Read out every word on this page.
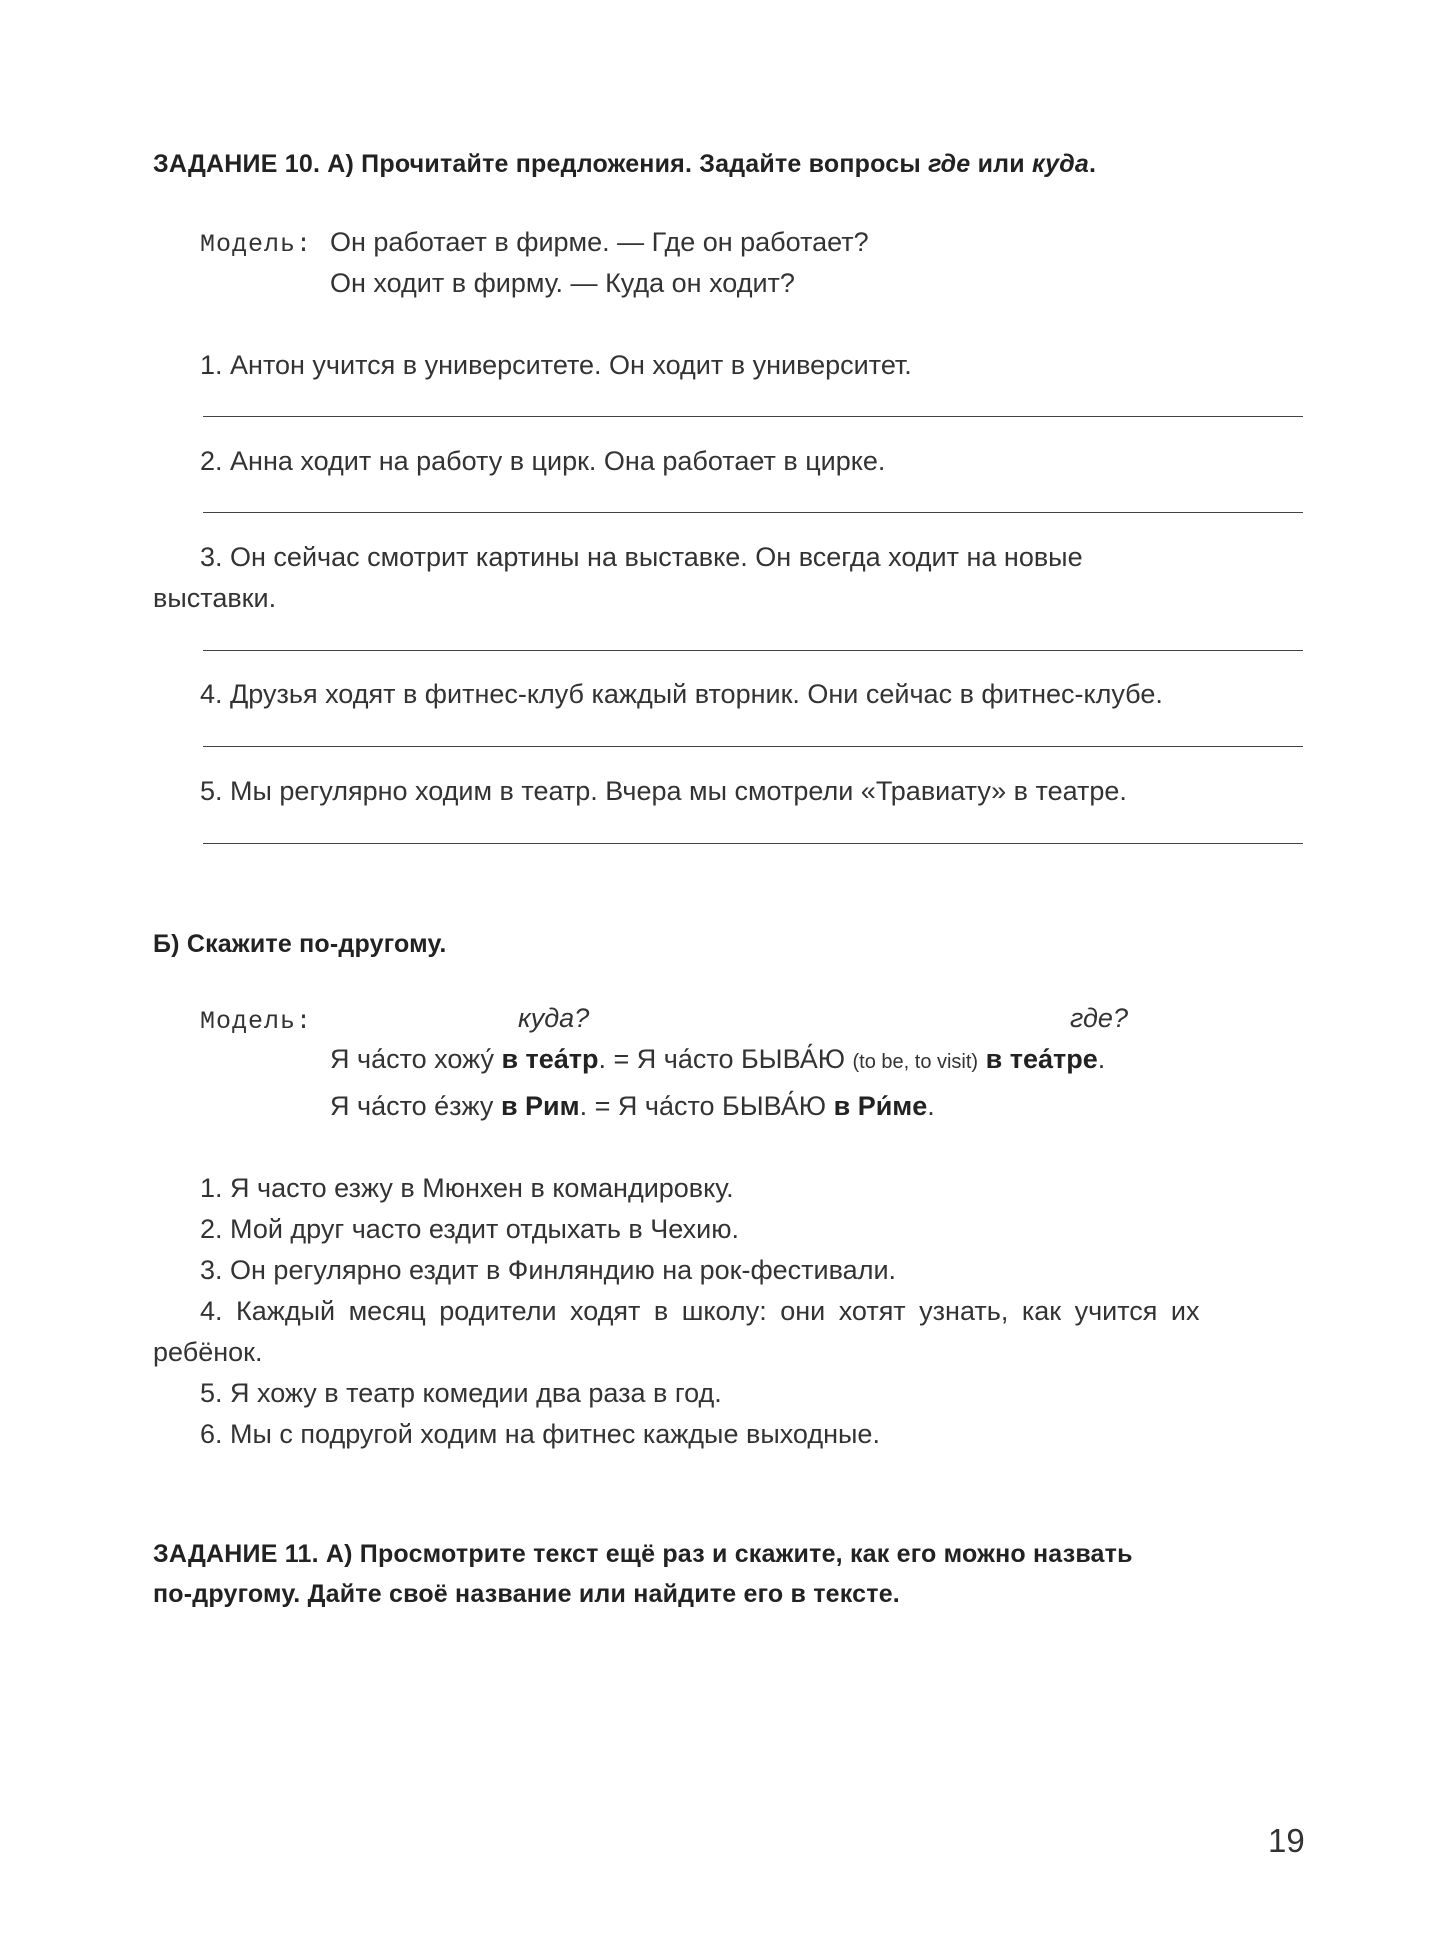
ЗАДАНИЕ 10. А) Прочитайте предложения. Задайте вопросы где или куда.
Модель: Он работает в фирме. — Где он работает?
Он ходит в фирму. — Куда он ходит?
1. Антон учится в университете. Он ходит в университет.
2. Анна ходит на работу в цирк. Она работает в цирке.
3. Он сейчас смотрит картины на выставке. Он всегда ходит на новые
выставки.
4. Друзья ходят в фитнес-клуб каждый вторник. Они сейчас в фитнес-клубе.
5. Мы регулярно ходим в театр. Вчера мы смотрели «Травиату» в театре.
Б) Скажите по-другому.
Модель:	куда?	где?
Я ча́сто хожу́ в теа́тр. = Я ча́сто БЫВА́Ю (to be, to visit) в теа́тре.
Я ча́сто е́зжу в Рим. = Я ча́сто БЫВА́Ю в Ри́ме.
1. Я часто езжу в Мюнхен в командировку.
2. Мой друг часто ездит отдыхать в Чехию.
3. Он регулярно ездит в Финляндию на рок-фестивали.
4. Каждый месяц родители ходят в школу: они хотят узнать, как учится их
ребёнок.
5. Я хожу в театр комедии два раза в год.
6. Мы с подругой ходим на фитнес каждые выходные.
ЗАДАНИЕ 11. А) Просмотрите текст ещё раз и скажите, как его можно назвать
по-другому. Дайте своё название или найдите его в тексте.
19
